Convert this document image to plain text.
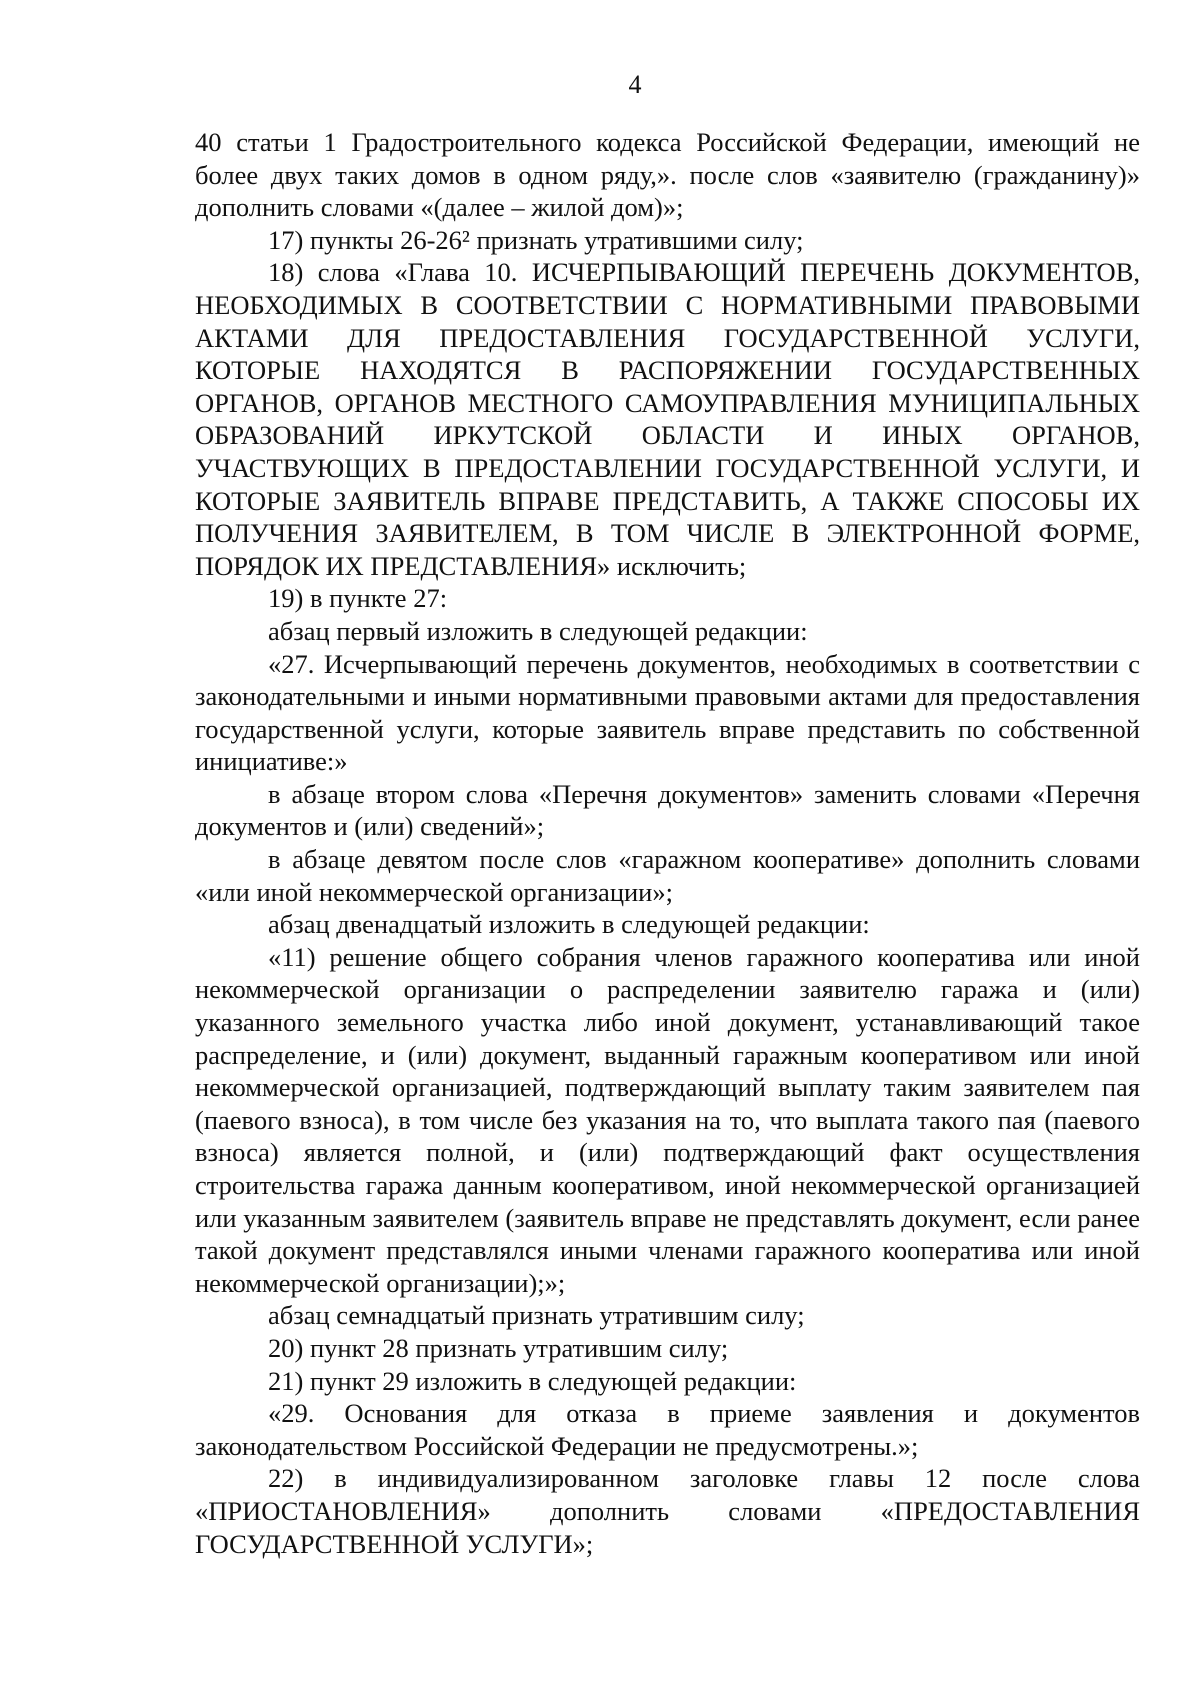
4

40 статьи 1 Градостроительного кодекса Российской Федерации, имеющий не более двух таких домов в одном ряду,». после слов «заявителю (гражданину)» дополнить словами «(далее – жилой дом)»;

17) пункты 26-26² признать утратившими силу;

18) слова «Глава 10. ИСЧЕРПЫВАЮЩИЙ ПЕРЕЧЕНЬ ДОКУМЕНТОВ, НЕОБХОДИМЫХ В СООТВЕТСТВИИ С НОРМАТИВНЫМИ ПРАВОВЫМИ АКТАМИ ДЛЯ ПРЕДОСТАВЛЕНИЯ ГОСУДАРСТВЕННОЙ УСЛУГИ, КОТОРЫЕ НАХОДЯТСЯ В РАСПОРЯЖЕНИИ ГОСУДАРСТВЕННЫХ ОРГАНОВ, ОРГАНОВ МЕСТНОГО САМОУПРАВЛЕНИЯ МУНИЦИПАЛЬНЫХ ОБРАЗОВАНИЙ ИРКУТСКОЙ ОБЛАСТИ И ИНЫХ ОРГАНОВ, УЧАСТВУЮЩИХ В ПРЕДОСТАВЛЕНИИ ГОСУДАРСТВЕННОЙ УСЛУГИ, И КОТОРЫЕ ЗАЯВИТЕЛЬ ВПРАВЕ ПРЕДСТАВИТЬ, А ТАКЖЕ СПОСОБЫ ИХ ПОЛУЧЕНИЯ ЗАЯВИТЕЛЕМ, В ТОМ ЧИСЛЕ В ЭЛЕКТРОННОЙ ФОРМЕ, ПОРЯДОК ИХ ПРЕДСТАВЛЕНИЯ» исключить;

19) в пункте 27:

абзац первый изложить в следующей редакции:

«27. Исчерпывающий перечень документов, необходимых в соответствии с законодательными и иными нормативными правовыми актами для предоставления государственной услуги, которые заявитель вправе представить по собственной инициативе:»

в абзаце втором слова «Перечня документов» заменить словами «Перечня документов и (или) сведений»;

в абзаце девятом после слов «гаражном кооперативе» дополнить словами «или иной некоммерческой организации»;

абзац двенадцатый изложить в следующей редакции:

«11) решение общего собрания членов гаражного кооператива или иной некоммерческой организации о распределении заявителю гаража и (или) указанного земельного участка либо иной документ, устанавливающий такое распределение, и (или) документ, выданный гаражным кооперативом или иной некоммерческой организацией, подтверждающий выплату таким заявителем пая (паевого взноса), в том числе без указания на то, что выплата такого пая (паевого взноса) является полной, и (или) подтверждающий факт осуществления строительства гаража данным кооперативом, иной некоммерческой организацией или указанным заявителем (заявитель вправе не представлять документ, если ранее такой документ представлялся иными членами гаражного кооператива или иной некоммерческой организации);»;

абзац семнадцатый признать утратившим силу;

20) пункт 28 признать утратившим силу;

21) пункт 29 изложить в следующей редакции:

«29. Основания для отказа в приеме заявления и документов законодательством Российской Федерации не предусмотрены.»;

22) в индивидуализированном заголовке главы 12 после слова «ПРИОСТАНОВЛЕНИЯ» дополнить словами «ПРЕДОСТАВЛЕНИЯ ГОСУДАРСТВЕННОЙ УСЛУГИ»;
